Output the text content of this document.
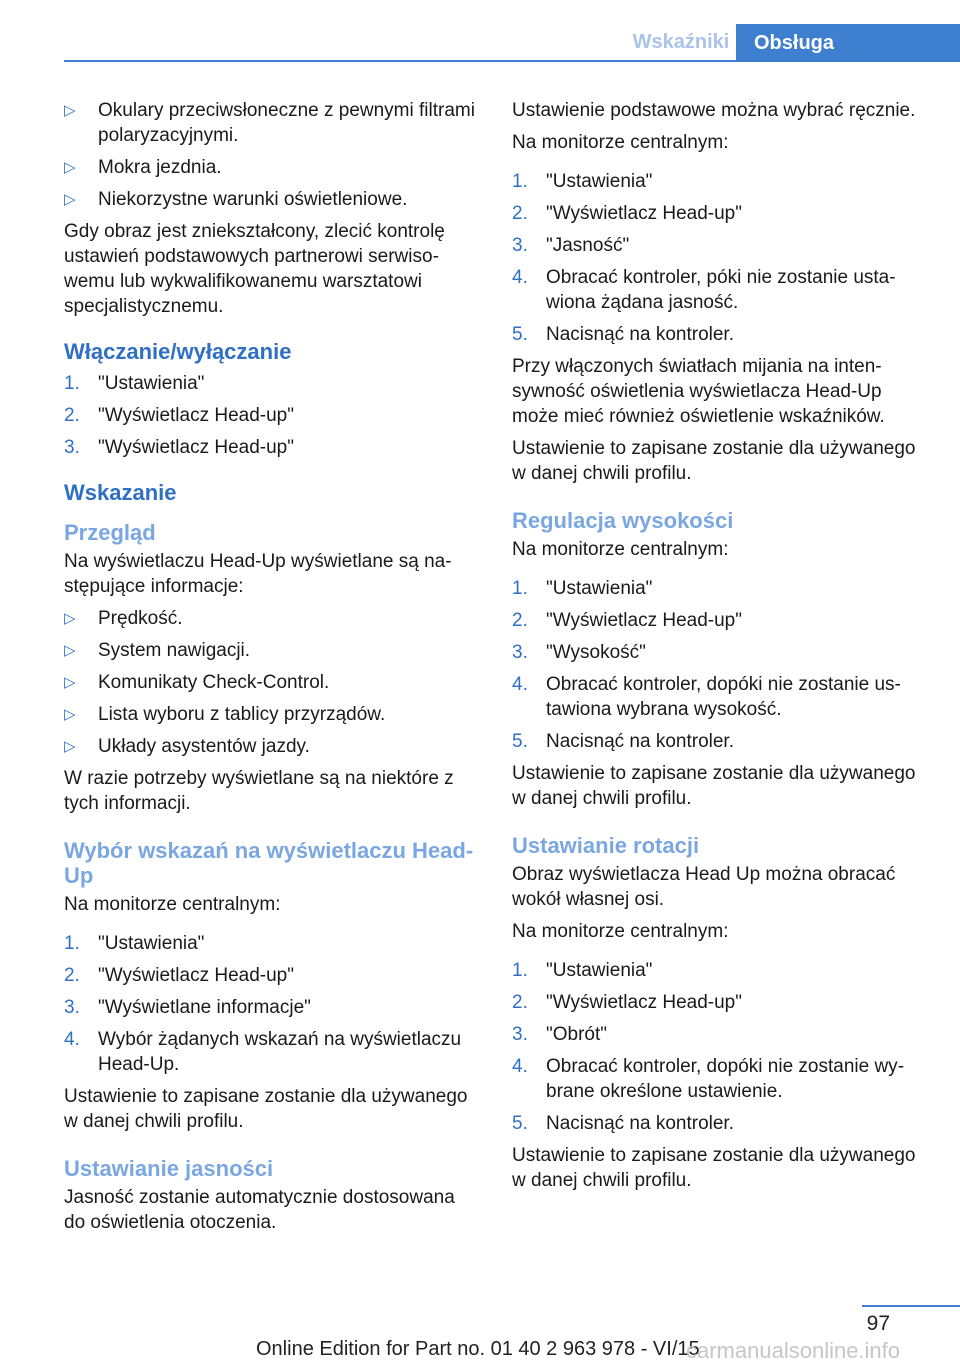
Wskaźniki	Obsługa
▷	Okulary przeciwsłoneczne z pewnymi filtrami polaryzacyjnymi.
▷	Mokra jezdnia.
▷	Niekorzystne warunki oświetleniowe.

Gdy obraz jest zniekształcony, zlecić kontrolę ustawień podstawowych partnerowi serwisowemu lub wykwalifikowanemu warsztatowi specjalistycznemu.

Włączanie/wyłączanie
1. "Ustawienia"
2. "Wyświetlacz Head-up"
3. "Wyświetlacz Head-up"
Wskazanie
Przegląd

Na wyświetlaczu Head-Up wyświetlane są następujące informacje:

▷	Prędkość.
▷	System nawigacji.
▷	Komunikaty Check-Control.
▷	Lista wyboru z tablicy przyrządów.
▷	Układy asystentów jazdy.

W razie potrzeby wyświetlane są na niektóre z tych informacji.

Wybór wskazań na wyświetlaczu Head-Up

Na monitorze centralnym:

1. "Ustawienia"
2. "Wyświetlacz Head-up"
3. "Wyświetlane informacje"
4. Wybór żądanych wskazań na wyświetlaczu Head-Up.

Ustawienie to zapisane zostanie dla używanego w danej chwili profilu.

Ustawianie jasności

Jasność zostanie automatycznie dostosowana do oświetlenia otoczenia.

Ustawienie podstawowe można wybrać ręcznie.

Na monitorze centralnym:

1. "Ustawienia"
2. "Wyświetlacz Head-up"
3. "Jasność"
4. Obracać kontroler, póki nie zostanie ustawiona żądana jasność.
5. Nacisnąć na kontroler.

Przy włączonych światłach mijania na intensywność oświetlenia wyświetlacza Head-Up może mieć również oświetlenie wskaźników.

Ustawienie to zapisane zostanie dla używanego w danej chwili profilu.

Regulacja wysokości

Na monitorze centralnym:

1. "Ustawienia"
2. "Wyświetlacz Head-up"
3. "Wysokość"
4. Obracać kontroler, dopóki nie zostanie ustawiona wybrana wysokość.
5. Nacisnąć na kontroler.

Ustawienie to zapisane zostanie dla używanego w danej chwili profilu.

Ustawianie rotacji

Obraz wyświetlacza Head Up można obracać wokół własnej osi.

Na monitorze centralnym:

1. "Ustawienia"
2. "Wyświetlacz Head-up"
3. "Obrót"
4. Obracać kontroler, dopóki nie zostanie wybrane określone ustawienie.
5. Nacisnąć na kontroler.

Ustawienie to zapisane zostanie dla używanego w danej chwili profilu.

97
Online Edition for Part no. 01 40 2 963 978 - VI/15
carmanualsonline.info
